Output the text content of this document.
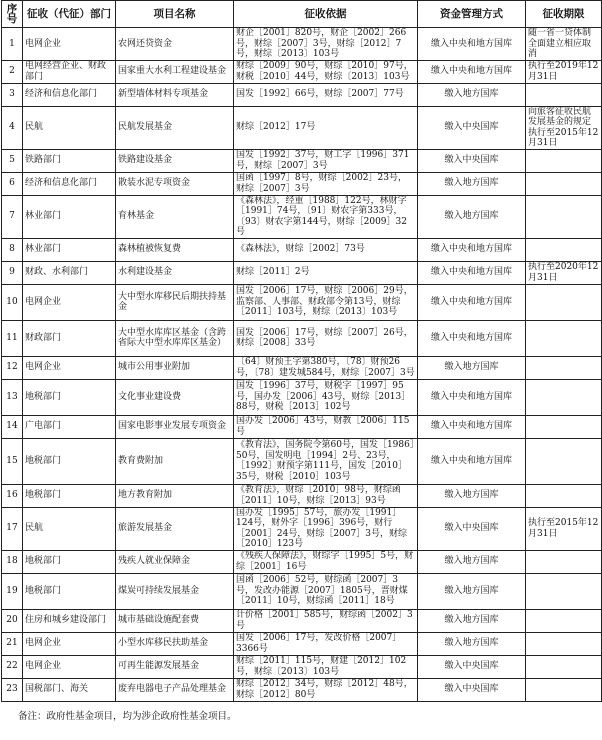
序号	征收（代征）部门	项目名称	征收依据	资金管理方式	征收期限
1	电网企业	农网还贷资金	财企［2001］820号，财企［2002］266号，财综［2007］3号，财综［2012］7号，财综〔2013〕103号	缴入中央和地方国库	随一省一贷体制全面建立相应取消
2	电网经营企业、财政部门	国家重大水利工程建设基金	财综［2009］90号，财综［2010］97号，财税［2010］44号，财综〔2013〕103号	缴入中央和地方国库	执行至2019年12月31日
3	经济和信息化部门	新型墙体材料专项基金	国发［1992］66号，财综［2007］77号	缴入地方国库	
4	民航	民航发展基金	财综［2012］17号	缴入中央国库	向旅客征收民航发展基金的规定执行至2015年12月31日
5	铁路部门	铁路建设基金	国发［1992］37号，财工字［1996］371号，财综［2007］3号	缴入中央国库	
6	经济和信息化部门	散装水泥专项资金	国函［1997］8号，财综［2002］23号，财综［2007］3号	缴入地方国库	
7	林业部门	育林基金	《森林法》，经重［1988］122号，林财字［1991］74号，〔91〕财农字第333号，〔93〕财农字第144号，财综［2009］32号	缴入地方国库	
8	林业部门	森林植被恢复费	《森林法》，财综［2002］73号	缴入中央和地方国库	
9	财政、水利部门	水利建设基金	财综［2011］2号	缴入中央和地方国库	执行至2020年12月31日
10	电网企业	大中型水库移民后期扶持基金	国发［2006］17号，财综［2006］29号，监察部、人事部、财政部令第13号，财综［2011］103号，财综〔2013〕103号	缴入中央和地方国库	
11	财政部门	大中型水库库区基金（含跨省际大中型水库库区基金）	国发［2006］17号，财综［2007］26号，财综［2008］33号	缴入中央和地方国库	
12	电网企业	城市公用事业附加	〔64〕财预王字第380号，〔78〕财预26号，〔78〕建发城584号，财综［2007］3号	缴入地方国库	
13	地税部门	文化事业建设费	国发［1996］37号，财税字［1997］95号，国办发［2006］43号，财综［2013］88号，财税［2013］102号	缴入中央和地方国库	
14	广电部门	国家电影事业发展专项资金	国办发［2006］43号，财教［2006］115号	缴入中央和地方国库	
15	地税部门	教育费附加	《教育法》，国务院令第60号，国发［1986］50号，国发明电［1994］2号、23号，［1992］财预字第111号，国发［2010］35号，财税［2010］103号	缴入中央和地方国库	
16	地税部门	地方教育附加	《教育法》，财综［2010］98号，财综函［2011］10号，财综［2013］93号	缴入地方国库	
17	民航	旅游发展基金	国办发［1995］57号，旅办发［1991］124号，财外字［1996］396号，财行［2001］24号，财综［2007］3号，财综［2010］123号	缴入中央国库	执行至2015年12月31日
18	地税部门	残疾人就业保障金	《残疾人保障法》，财综字［1995］5号，财综［2001］16号	缴入地方国库	
19	地税部门	煤炭可持续发展基金	国函［2006］52号，财综函［2007］3号，发改办能源［2007］1805号，晋财煤［2011］10号，财综函［2011］18号	缴入地方国库	
20	住房和城乡建设部门	城市基础设施配套费	计价格［2001］585号，财综函［2002］3号	缴入地方国库	
21	电网企业	小型水库移民扶助基金	国发［2006］17号，发改价格［2007］3366号	缴入地方国库	
22	电网企业	可再生能源发展基金	财综［2011］115号，财建［2012］102号，财综〔2013〕103号	缴入中央国库	
23	国税部门、海关	废弃电器电子产品处理基金	财综［2012］34号，财综［2012］48号，财综［2012］80号	缴入中央国库	
备注：政府性基金项目，均为涉企政府性基金项目。
